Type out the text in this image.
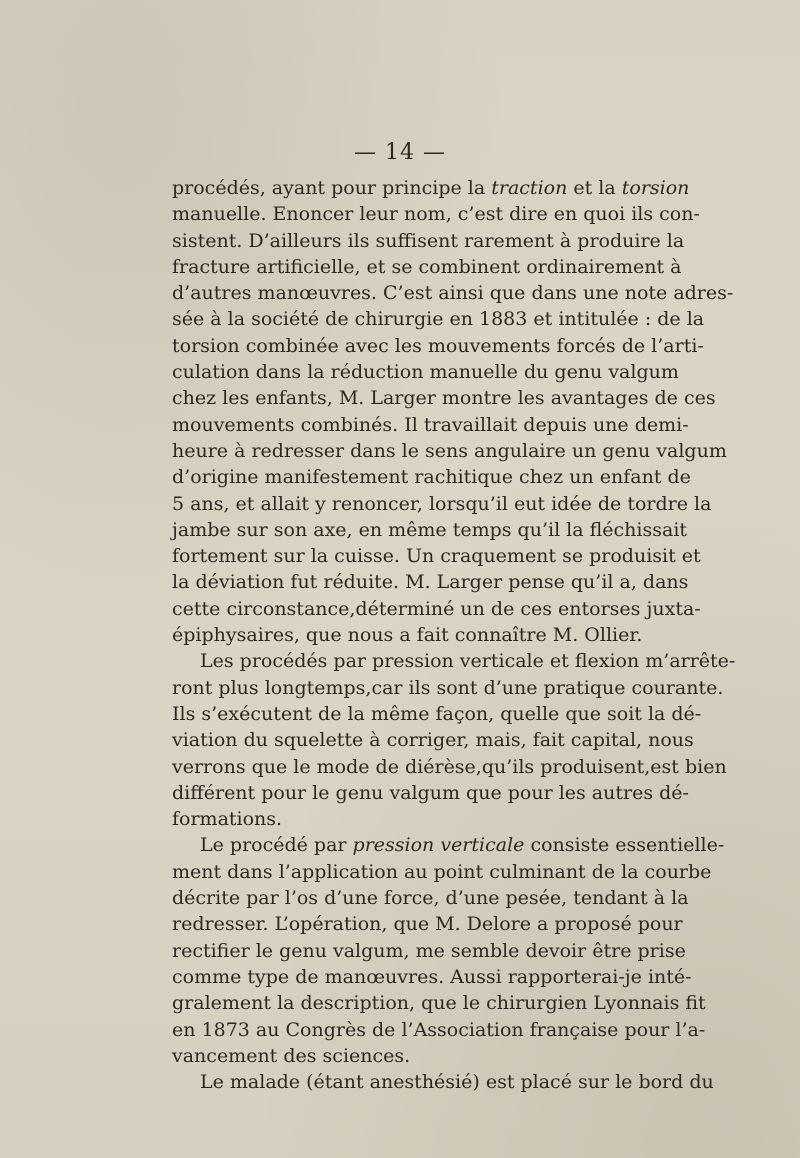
— 14 —
procédés, ayant pour principe la traction et la torsion
manuelle. Enoncer leur nom, c’est dire en quoi ils con-
sistent. D’ailleurs ils suffisent rarement à produire la
fracture artificielle, et se combinent ordinairement à
d’autres manœuvres. C’est ainsi que dans une note adres-
sée à la société de chirurgie en 1883 et intitulée : de la
torsion combinée avec les mouvements forcés de l’arti-
culation dans la réduction manuelle du genu valgum
chez les enfants, M. Larger montre les avantages de ces
mouvements combinés. Il travaillait depuis une demi-
heure à redresser dans le sens angulaire un genu valgum
d’origine manifestement rachitique chez un enfant de
5 ans, et allait y renoncer, lorsqu’il eut idée de tordre la
jambe sur son axe, en même temps qu’il la fléchissait
fortement sur la cuisse. Un craquement se produisit et
la déviation fut réduite. M. Larger pense qu’il a, dans
cette circonstance,déterminé un de ces entorses juxta-
épiphysaires, que nous a fait connaître M. Ollier.
Les procédés par pression verticale et flexion m’arrête-
ront plus longtemps,car ils sont d’une pratique courante.
Ils s’exécutent de la même façon, quelle que soit la dé-
viation du squelette à corriger, mais, fait capital, nous
verrons que le mode de diérèse,qu’ils produisent,est bien
différent pour le genu valgum que pour les autres dé-
formations.
Le procédé par pression verticale consiste essentielle-
ment dans l’application au point culminant de la courbe
décrite par l’os d’une force, d’une pesée, tendant à la
redresser. L’opération, que M. Delore a proposé pour
rectifier le genu valgum, me semble devoir être prise
comme type de manœuvres. Aussi rapporterai-je inté-
gralement la description, que le chirurgien Lyonnais fit
en 1873 au Congrès de l’Association française pour l’a-
vancement des sciences.
Le malade (étant anesthésié) est placé sur le bord du
